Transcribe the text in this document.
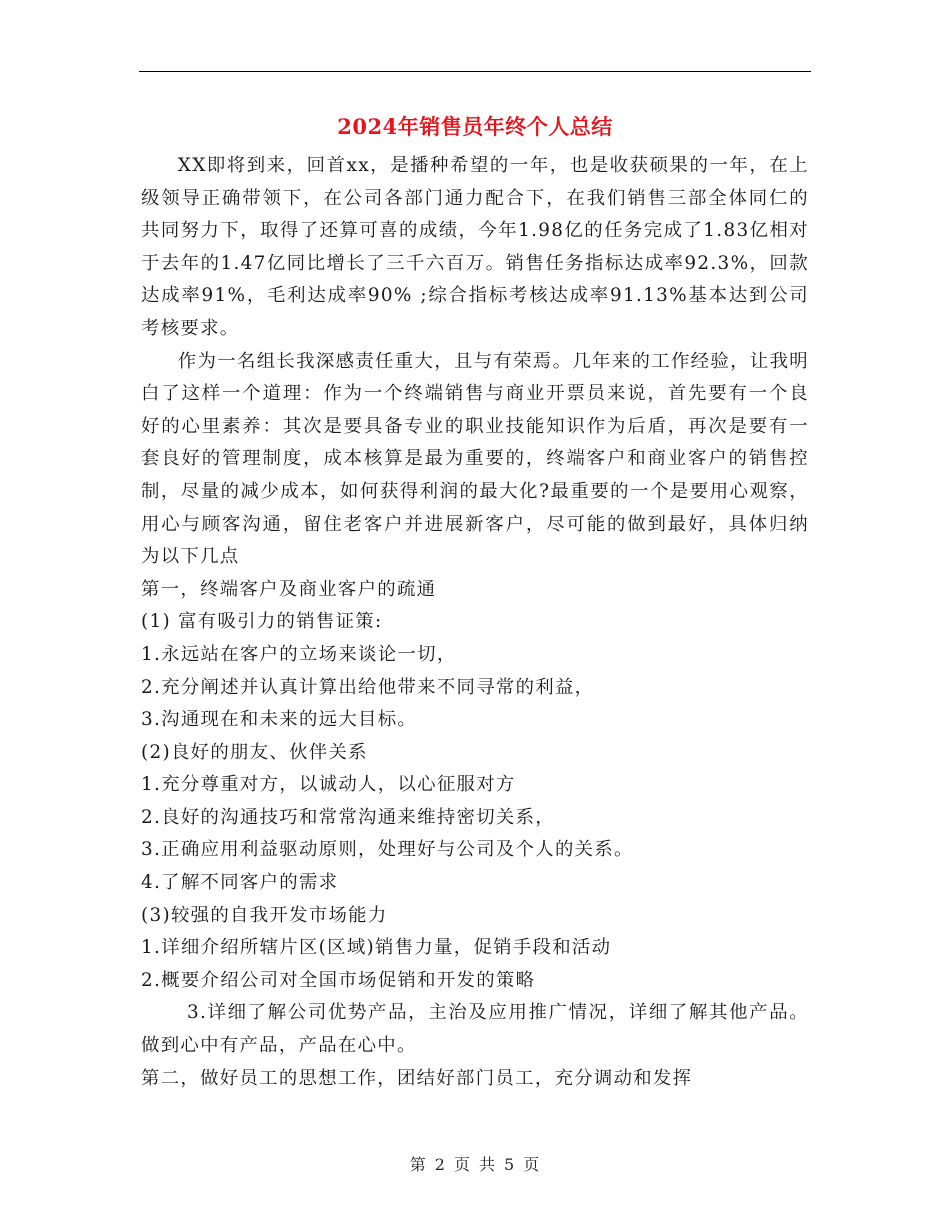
2024年销售员年终个人总结

XX即将到来，回首xx，是播种希望的一年，也是收获硕果的一年，在上级领导正确带领下，在公司各部门通力配合下，在我们销售三部全体同仁的共同努力下，取得了还算可喜的成绩，今年1.98亿的任务完成了1.83亿相对于去年的1.47亿同比增长了三千六百万。销售任务指标达成率92.3%，回款达成率91%，毛利达成率90% ;综合指标考核达成率91.13%基本达到公司考核要求。

作为一名组长我深感责任重大，且与有荣焉。几年来的工作经验，让我明白了这样一个道理：作为一个终端销售与商业开票员来说，首先要有一个良好的心里素养：其次是要具备专业的职业技能知识作为后盾，再次是要有一套良好的管理制度，成本核算是最为重要的，终端客户和商业客户的销售控制，尽量的减少成本，如何获得利润的最大化?最重要的一个是要用心观察，用心与顾客沟通，留住老客户并进展新客户，尽可能的做到最好，具体归纳为以下几点

第一，终端客户及商业客户的疏通

(1) 富有吸引力的销售证策:

1.永远站在客户的立场来谈论一切，

2.充分阐述并认真计算出给他带来不同寻常的利益，

3.沟通现在和未来的远大目标。

(2)良好的朋友、伙伴关系

1.充分尊重对方，以诚动人，以心征服对方

2.良好的沟通技巧和常常沟通来维持密切关系，

3.正确应用利益驱动原则，处理好与公司及个人的关系。

4.了解不同客户的需求

(3)较强的自我开发市场能力

1.详细介绍所辖片区(区域)销售力量，促销手段和活动

2.概要介绍公司对全国市场促销和开发的策略

3.详细了解公司优势产品，主治及应用推广情况，详细了解其他产品。做到心中有产品，产品在心中。

第二，做好员工的思想工作，团结好部门员工，充分调动和发挥

第 2 页 共 5 页
